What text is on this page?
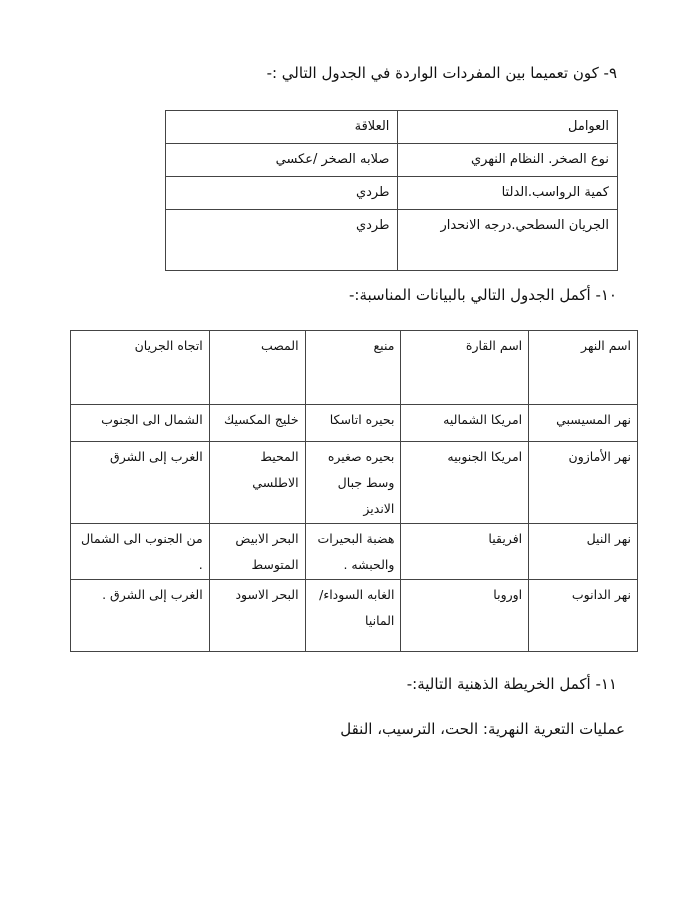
٩- كون تعميما بين المفردات الواردة في الجدول التالي :-
العوامل	العلاقة

نوع الصخر. النظام النهري	صلابه الصخر /عكسي

كمية الرواسب.الدلتا	طردي

الجريان السطحي.درجه الانحدار	طردي
١٠- أكمل الجدول التالي بالبيانات المناسبة:-
اسم النهر	اسم القارة	منبع	المصب	اتجاه الجريان

نهر المسيسبي	امريكا الشماليه	بحيره اتاسكا	خليج المكسيك	الشمال الى الجنوب

نهر الأمازون	امريكا الجنوبيه	بحيره صغيره
وسط جبال
الانديز	المحيط الاطلسي	الغرب إلى الشرق

نهر النيل	افريقيا	هضبة البحيرات
والحبشه .	البحر الابيض
المتوسط	من الجنوب الى الشمال .

نهر الدانوب	اوروبا	الغابه السوداء/
المانيا	البحر الاسود	الغرب إلى الشرق .
١١- أكمل الخريطة الذهنية التالية:-
عمليات التعرية النهرية: الحت، الترسيب، النقل
